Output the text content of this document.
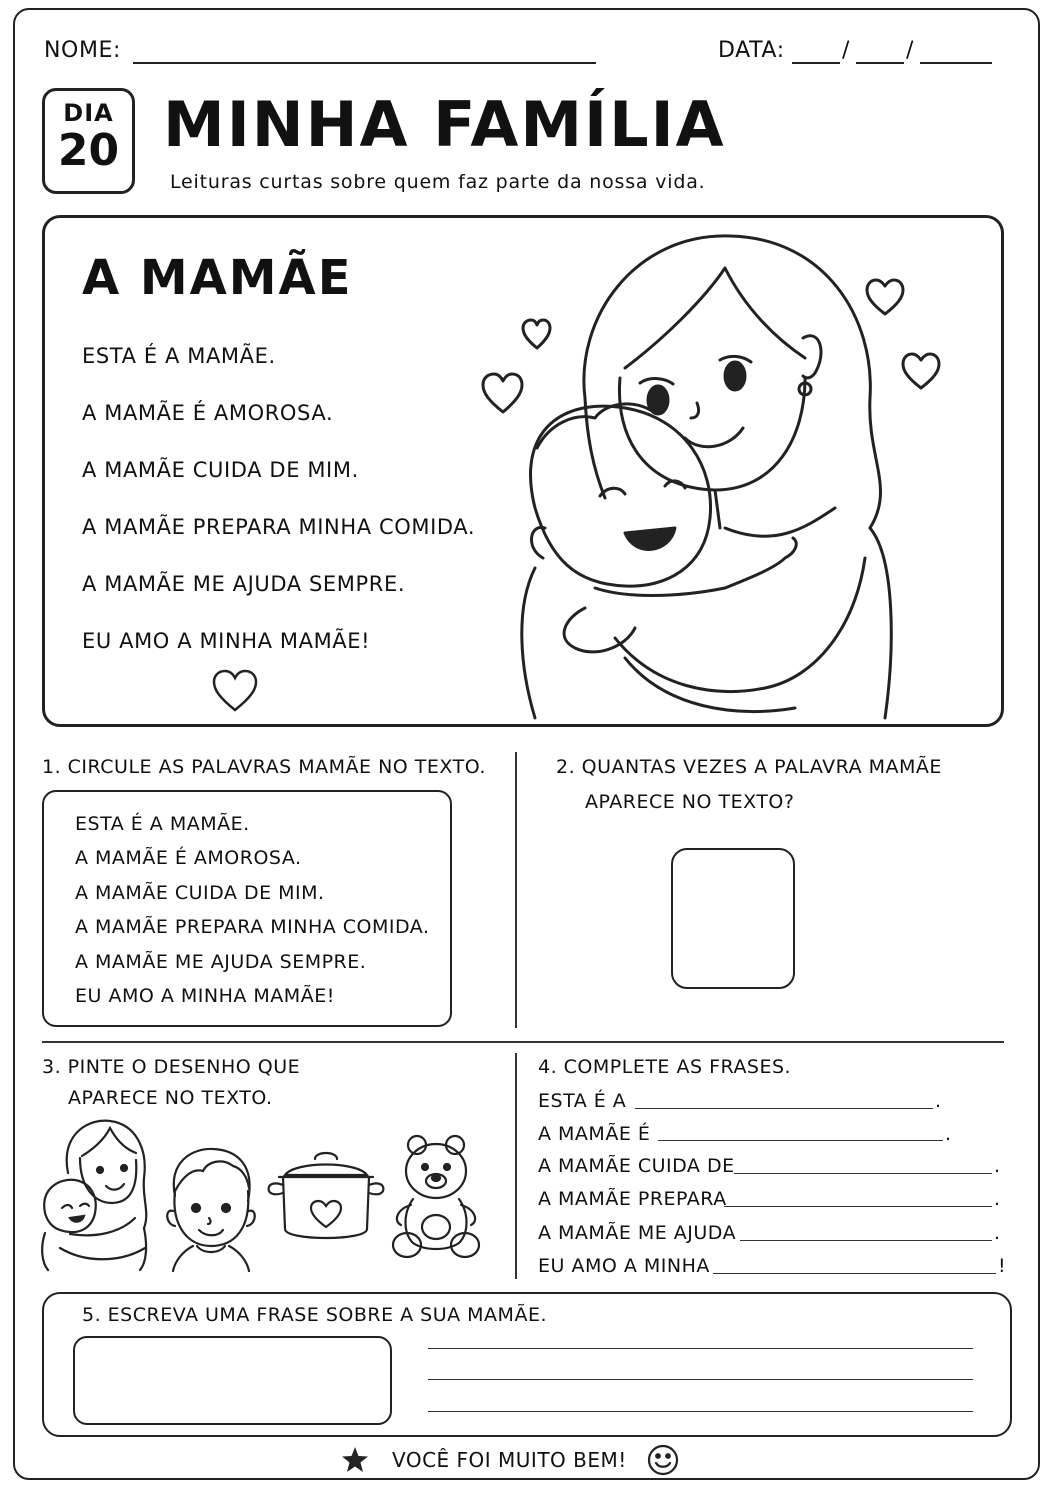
NOME:	DATA:	/	/
DIA
20 MINHA FAMÍLIA
Leituras curtas sobre quem faz parte da nossa vida.
A MAMÃE
ESTA É A MAMÃE.
A MAMÃE É AMOROSA.
A MAMÃE CUIDA DE MIM.
A MAMÃE PREPARA MINHA COMIDA.
A MAMÃE ME AJUDA SEMPRE.
EU AMO A MINHA MAMÃE!
1. CIRCULE AS PALAVRAS MAMÃE NO TEXTO.
ESTA É A MAMÃE.
A MAMÃE É AMOROSA.
A MAMÃE CUIDA DE MIM.
A MAMÃE PREPARA MINHA COMIDA.
A MAMÃE ME AJUDA SEMPRE.
EU AMO A MINHA MAMÃE!
2. QUANTAS VEZES A PALAVRA MAMÃE
APARECE NO TEXTO?
3. PINTE O DESENHO QUE
APARECE NO TEXTO.
4. COMPLETE AS FRASES.
ESTA É A	.
A MAMÃE É	.
A MAMÃE CUIDA DE	.
A MAMÃE PREPARA	.
A MAMÃE ME AJUDA	.
EU AMO A MINHA	!
5. ESCREVA UMA FRASE SOBRE A SUA MAMÃE.
VOCÊ FOI MUITO BEM!
